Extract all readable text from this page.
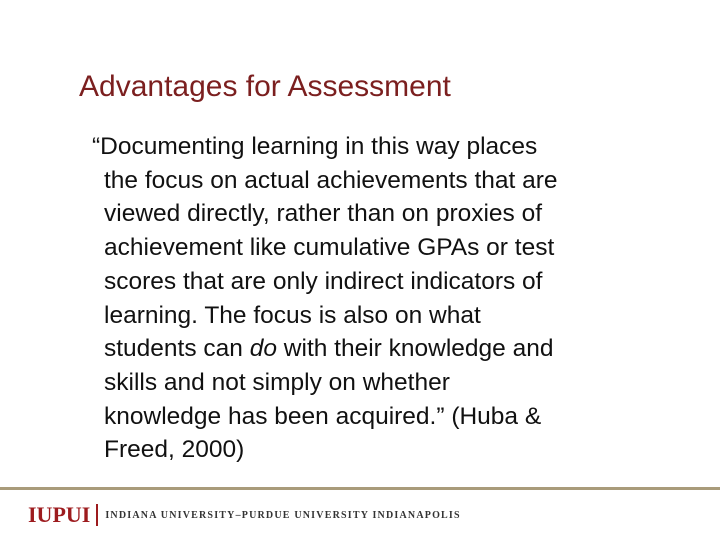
Advantages for Assessment

“Documenting learning in this way places
the focus on actual achievements that are
viewed directly, rather than on proxies of
achievement like cumulative GPAs or test
scores that are only indirect indicators of
learning. The focus is also on what
students can do with their knowledge and
skills and not simply on whether
knowledge has been acquired.” (Huba &
Freed, 2000)

IUPUI	INDIANA UNIVERSITY–PURDUE UNIVERSITY INDIANAPOLIS
